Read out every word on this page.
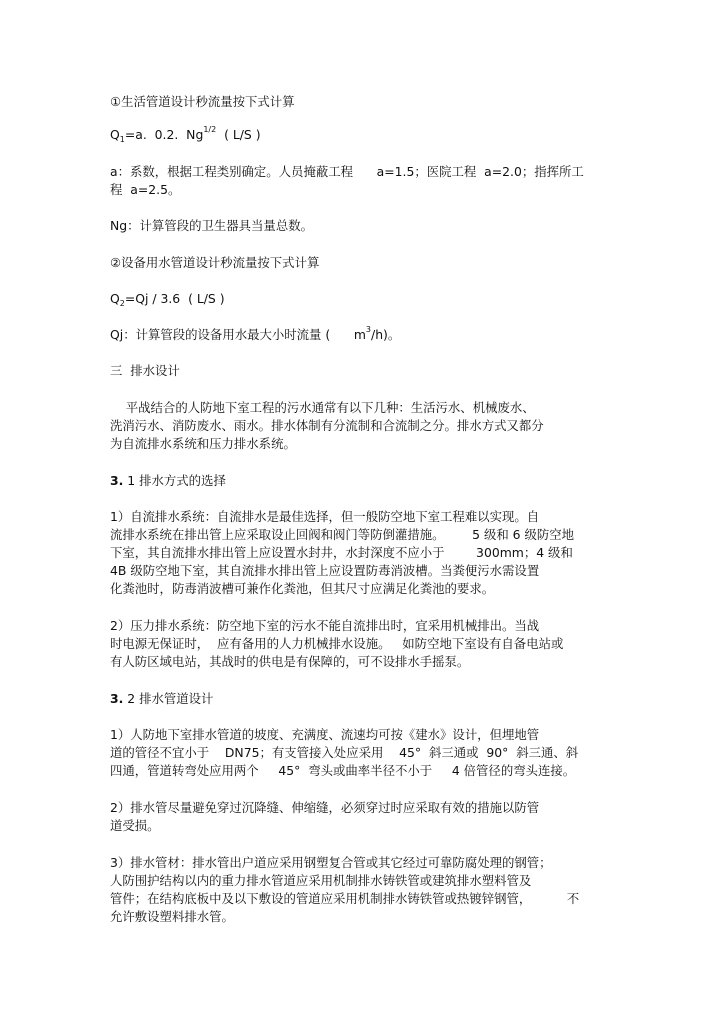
①生活管道设计秒流量按下式计算
$Q_1=a$.  0.2.  $Ng^{1/2}$  ( L/S )
a：系数，根据工程类别确定。人员掩蔽工程      a=1.5；医院工程  a=2.0；指挥所工
程  a=2.5。
Ng：计算管段的卫生器具当量总数。
②设备用水管道设计秒流量按下式计算
$Q_2=Qj / 3.6$  ( L/S )
Qj：计算管段的设备用水最大小时流量 (      $m^3/h$)。
三  排水设计
平战结合的人防地下室工程的污水通常有以下几种：生活污水、机械废水、
洗消污水、消防废水、雨水。排水体制有分流制和合流制之分。排水方式又都分
为自流排水系统和压力排水系统。
3. 1 排水方式的选择
1）自流排水系统：自流排水是最佳选择，但一般防空地下室工程难以实现。自
流排水系统在排出管上应采取设止回阀和阀门等防倒灌措施。       5 级和 6 级防空地
下室，其自流排水排出管上应设置水封井，水封深度不应小于        300mm；4 级和
4B 级防空地下室，其自流排水排出管上应设置防毒消波槽。当粪便污水需设置
化粪池时，防毒消波槽可兼作化粪池，但其尺寸应满足化粪池的要求。
2）压力排水系统：防空地下室的污水不能自流排出时，宜采用机械排出。当战
时电源无保证时，  应有备用的人力机械排水设施。   如防空地下室设有自备电站或
有人防区域电站，其战时的供电是有保障的，可不设排水手摇泵。
3. 2 排水管道设计
1）人防地下室排水管道的坡度、充满度、流速均可按《建水》设计，但埋地管
道的管径不宜小于    DN75；有支管接入处应采用    45°  斜三通或  90°  斜三通、斜
四通，管道转弯处应用两个     45°  弯头或曲率半径不小于     4 倍管径的弯头连接。
2）排水管尽量避免穿过沉降缝、伸缩缝，必须穿过时应采取有效的措施以防管
道受损。
3）排水管材：排水管出户道应采用钢塑复合管或其它经过可靠防腐处理的钢管；
人防围护结构以内的重力排水管道应采用机制排水铸铁管或建筑排水塑料管及
管件；在结构底板中及以下敷设的管道应采用机制排水铸铁管或热镀锌钢管，         不
允许敷设塑料排水管。
